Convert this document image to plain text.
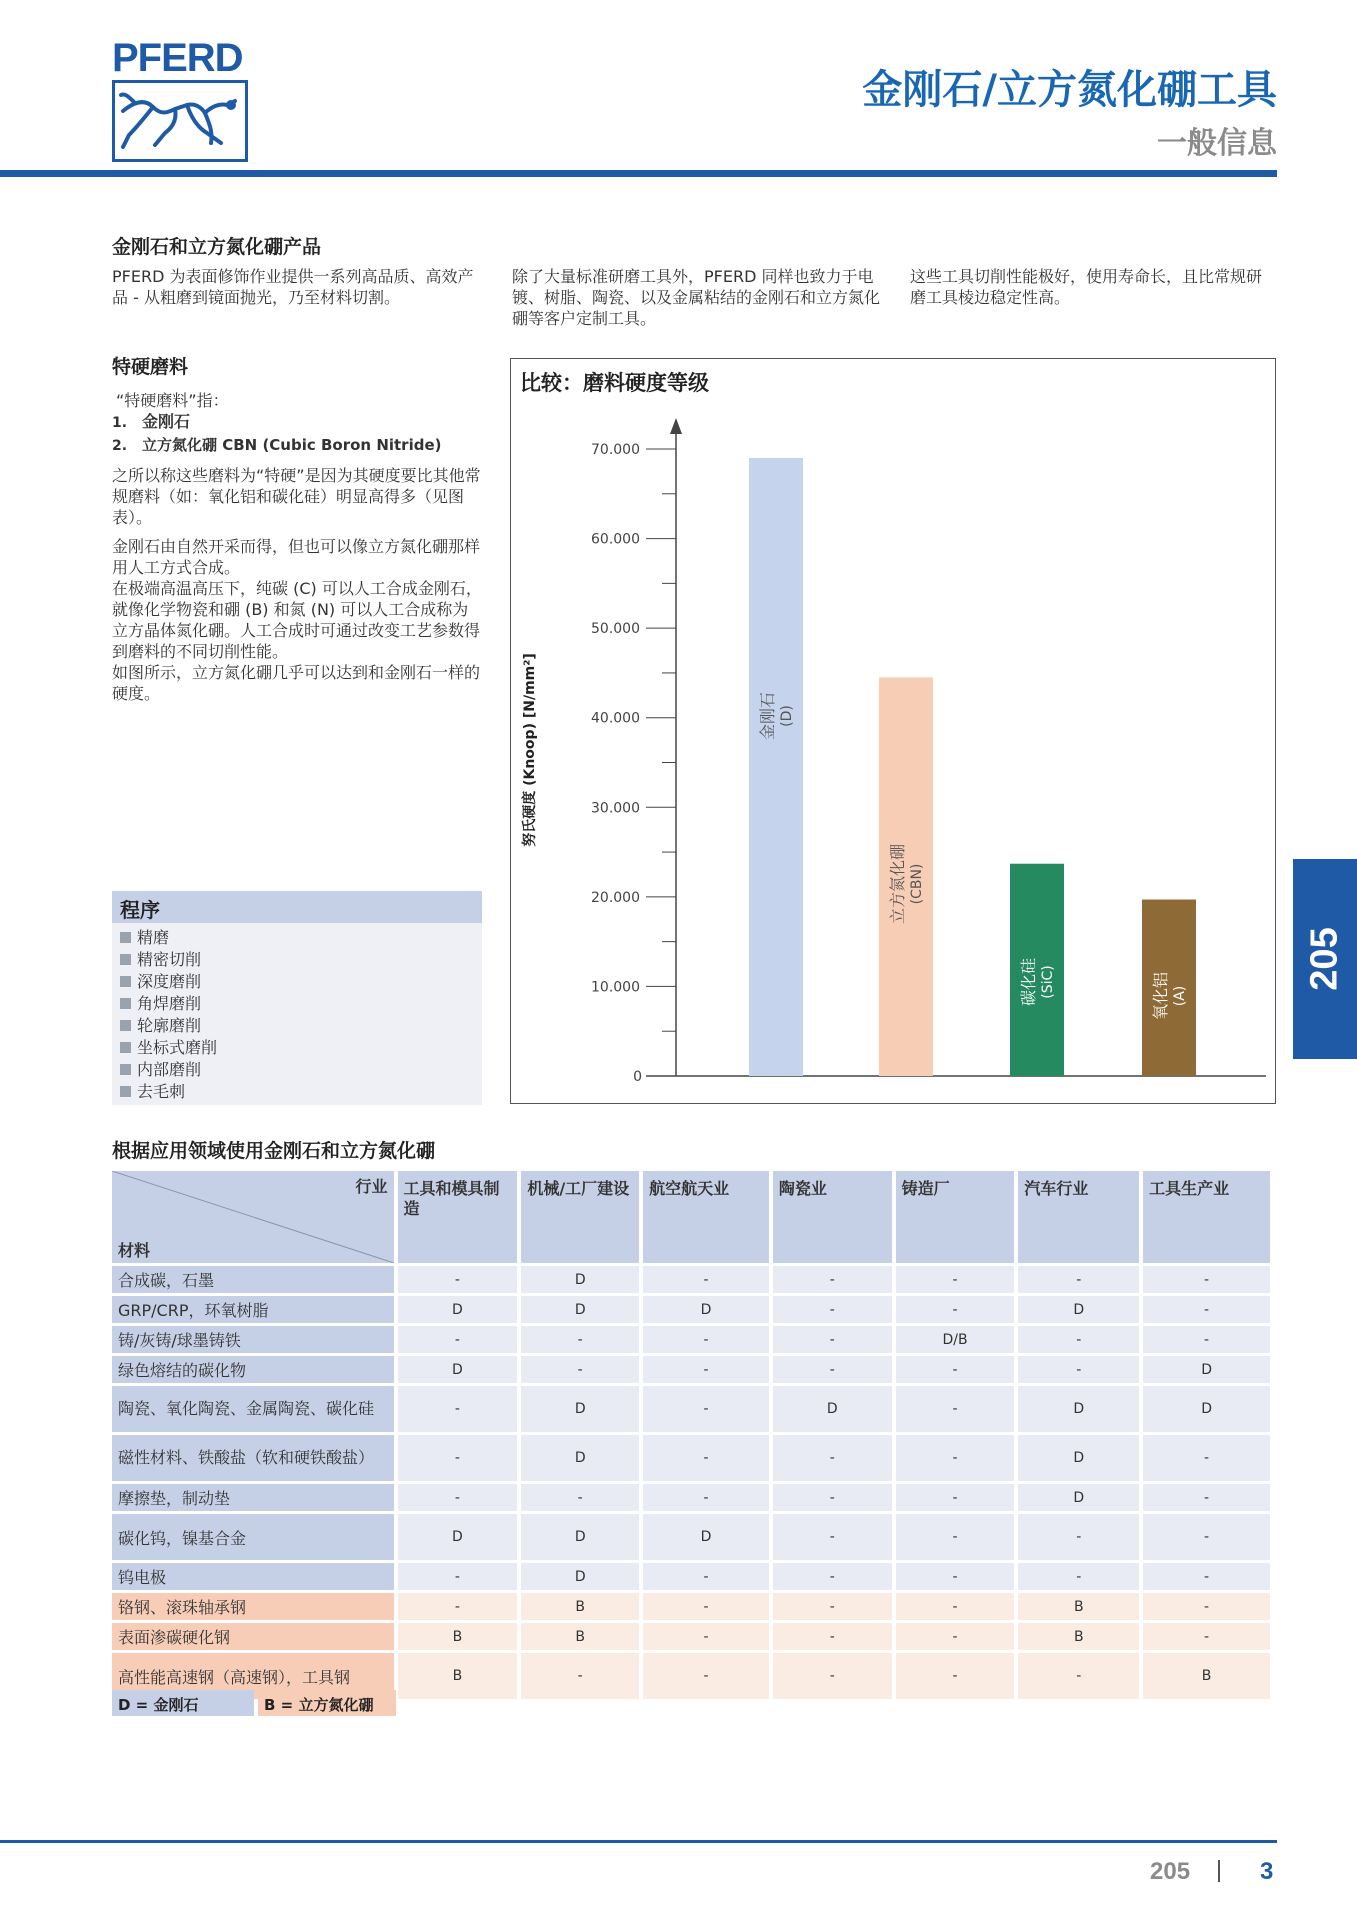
PFERD
金刚石/立方氮化硼工具
一般信息
金刚石和立方氮化硼产品
PFERD 为表面修饰作业提供一系列高品质、高效产品 - 从粗磨到镜面抛光，乃至材料切割。
除了大量标准研磨工具外，PFERD 同样也致力于电镀、树脂、陶瓷、以及金属粘结的金刚石和立方氮化硼等客户定制工具。
这些工具切削性能极好，使用寿命长，且比常规研磨工具棱边稳定性高。
特硬磨料
“特硬磨料”指：
1. 金刚石
2. 立方氮化硼 CBN (Cubic Boron Nitride)
之所以称这些磨料为“特硬”是因为其硬度要比其他常规磨料（如：氧化铝和碳化硅）明显高得多（见图表）。
金刚石由自然开采而得，但也可以像立方氮化硼那样用人工方式合成。
在极端高温高压下，纯碳 (C) 可以人工合成金刚石，就像化学物瓷和硼 (B) 和氮 (N) 可以人工合成称为立方晶体氮化硼。人工合成时可通过改变工艺参数得到磨料的不同切削性能。
如图所示，立方氮化硼几乎可以达到和金刚石一样的硬度。
程序
精磨
精密切削
深度磨削
角焊磨削
轮廓磨削
坐标式磨削
内部磨削
去毛刺
比较：磨料硬度等级
0
10.000
20.000
30.000
40.000
50.000
60.000
70.000
努氏硬度 (Knoop) [N/mm²]	金刚石 (D)
立方氮化硼 (CBN)
碳化硅 (SiC)	氧化铝 (A)
205
根据应用领域使用金刚石和立方氮化硼
行业
材料	工具和模具制造	机械/工厂建设	航空航天业	陶瓷业	铸造厂	汽车行业	工具生产业
合成碳，石墨	-	D	-	-	-	-	-
GRP/CRP，环氧树脂	D	D	D	-	-	D	-
铸/灰铸/球墨铸铁	-	-	-	-	D/B	-	-
绿色熔结的碳化物	D	-	-	-	-	-	D
陶瓷、氧化陶瓷、金属陶瓷、碳化硅	-	D	-	D	-	D	D
磁性材料、铁酸盐（软和硬铁酸盐）	-	D	-	-	-	D	-
摩擦垫，制动垫	-	-	-	-	-	D	-
碳化钨，镍基合金	D	D	D	-	-	-	-
钨电极	-	D	-	-	-	-	-
铬钢、滚珠轴承钢	-	B	-	-	-	B	-
表面渗碳硬化钢	B	B	-	-	-	B	-
高性能高速钢（高速钢），工具钢	B	-	-	-	-	-	B
D = 金刚石	B = 立方氮化硼
205	3
